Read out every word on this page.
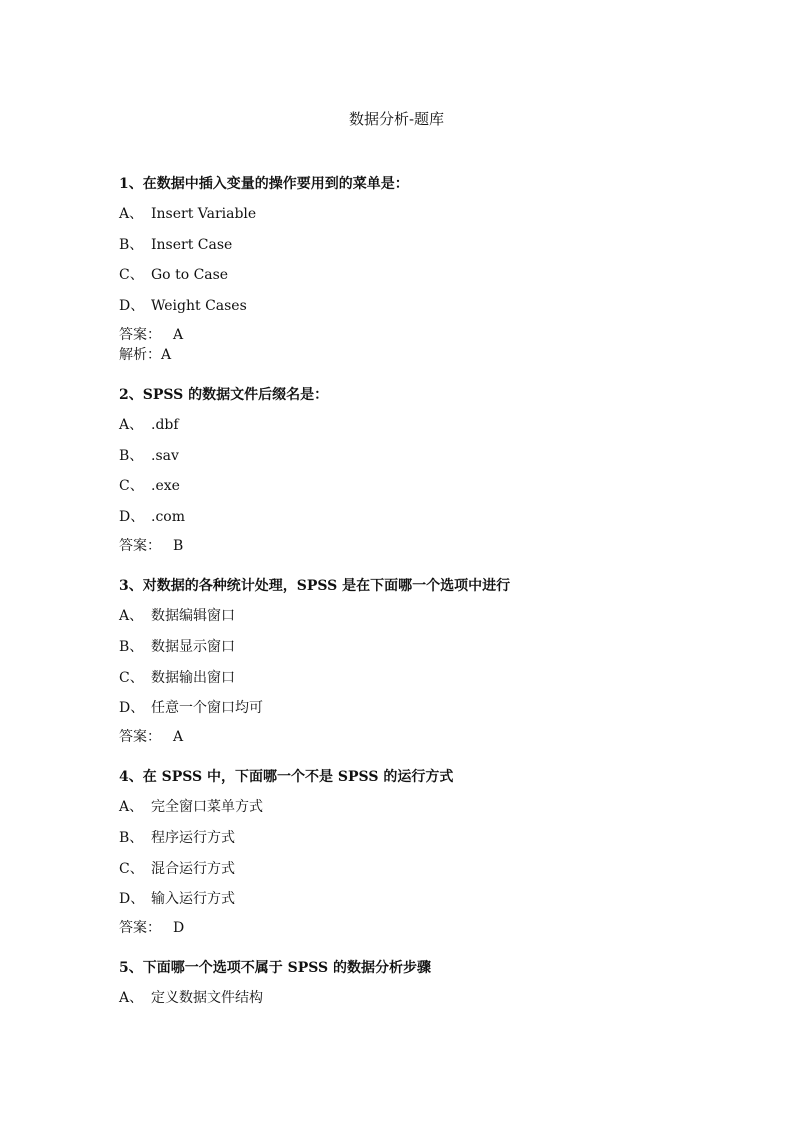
数据分析-题库
1、在数据中插入变量的操作要用到的菜单是：
A、 Insert Variable
B、 Insert Case
C、 Go to Case
D、 Weight Cases
答案： A
解析：A
2、SPSS 的数据文件后缀名是：
A、 .dbf
B、 .sav
C、 .exe
D、 .com
答案： B
3、对数据的各种统计处理，SPSS 是在下面哪一个选项中进行
A、 数据编辑窗口
B、 数据显示窗口
C、 数据输出窗口
D、 任意一个窗口均可
答案： A
4、在 SPSS 中，下面哪一个不是 SPSS 的运行方式
A、 完全窗口菜单方式
B、 程序运行方式
C、 混合运行方式
D、 输入运行方式
答案： D
5、下面哪一个选项不属于 SPSS 的数据分析步骤
A、 定义数据文件结构
